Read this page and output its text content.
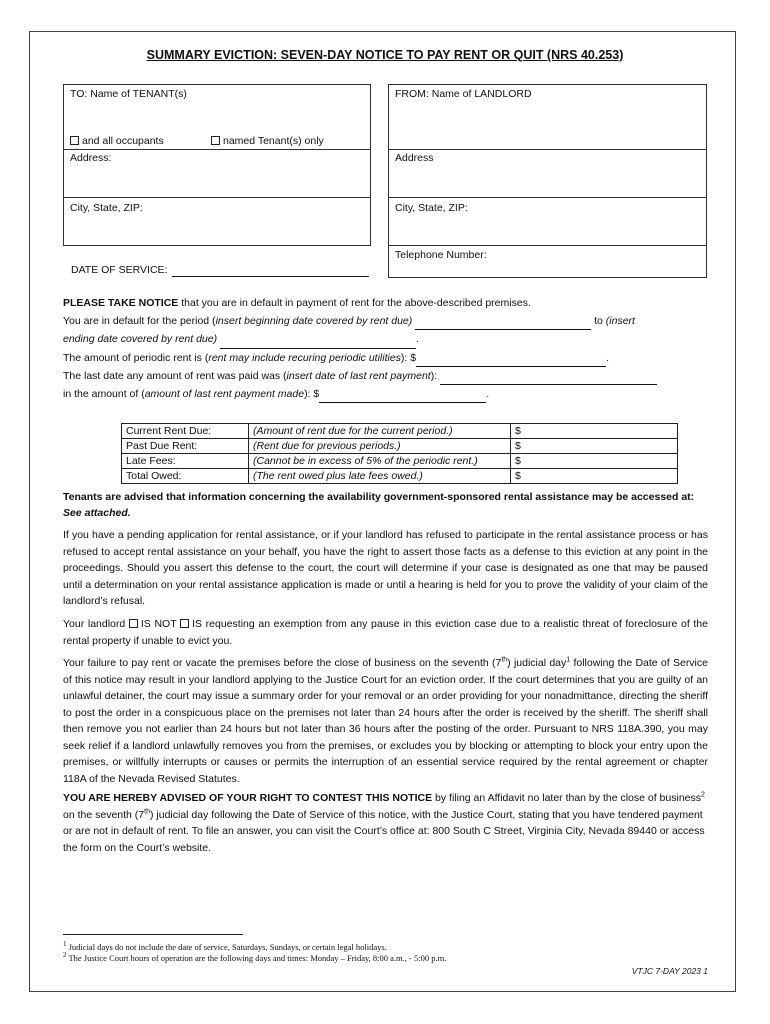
SUMMARY EVICTION: SEVEN-DAY NOTICE TO PAY RENT OR QUIT (NRS 40.253)
TO: Name of TENANT(s)
and all occupants	named Tenant(s) only
Address:
City, State, ZIP:
DATE OF SERVICE:
FROM: Name of LANDLORD
Address
City, State, ZIP:
Telephone Number:
PLEASE TAKE NOTICE that you are in default in payment of rent for the above-described premises.
You are in default for the period (insert beginning date covered by rent due)	to (insert
ending date covered by rent due)	.
The amount of periodic rent is (rent may include recuring periodic utilities): $	.
The last date any amount of rent was paid was (insert date of last rent payment):
in the amount of (amount of last rent payment made): $	.
Current Rent Due:	(Amount of rent due for the current period.)	$
Past Due Rent:	(Rent due for previous periods.)	$
Late Fees:	(Cannot be in excess of 5% of the periodic rent.)	$
Total Owed:	(The rent owed plus late fees owed.)	$
Tenants are advised that information concerning the availability government-sponsored rental assistance may be accessed at: See attached.
If you have a pending application for rental assistance, or if your landlord has refused to participate in the rental assistance process or has refused to accept rental assistance on your behalf, you have the right to assert those facts as a defense to this eviction at any point in the proceedings. Should you assert this defense to the court, the court will determine if your case is designated as one that may be paused until a determination on your rental assistance application is made or until a hearing is held for you to prove the validity of your claim of the landlord’s refusal.
Your landlord IS NOT IS requesting an exemption from any pause in this eviction case due to a realistic threat of foreclosure of the rental property if unable to evict you.
Your failure to pay rent or vacate the premises before the close of business on the seventh (7th) judicial day$^1$ following the Date of Service of this notice may result in your landlord applying to the Justice Court for an eviction order. If the court determines that you are guilty of an unlawful detainer, the court may issue a summary order for your removal or an order providing for your nonadmittance, directing the sheriff to post the order in a conspicuous place on the premises not later than 24 hours after the order is received by the sheriff. The sheriff shall then remove you not earlier than 24 hours but not later than 36 hours after the posting of the order. Pursuant to NRS 118A.390, you may seek relief if a landlord unlawfully removes you from the premises, or excludes you by blocking or attempting to block your entry upon the premises, or willfully interrupts or causes or permits the interruption of an essential service required by the rental agreement or chapter 118A of the Nevada Revised Statutes.
YOU ARE HEREBY ADVISED OF YOUR RIGHT TO CONTEST THIS NOTICE by filing an Affidavit no later than by the close of business$^2$ on the seventh (7th) judicial day following the Date of Service of this notice, with the Justice Court, stating that you have tendered payment or are not in default of rent. To file an answer, you can visit the Court’s office at: 800 South C Street, Virginia City, Nevada 89440 or access the form on the Court’s website.
$^1$ Judicial days do not include the date of service, Saturdays, Sundays, or certain legal holidays.
$^2$ The Justice Court hours of operation are the following days and times: Monday – Friday, 8:00 a.m., - 5:00 p.m.
VTJC 7-DAY 2023 1
